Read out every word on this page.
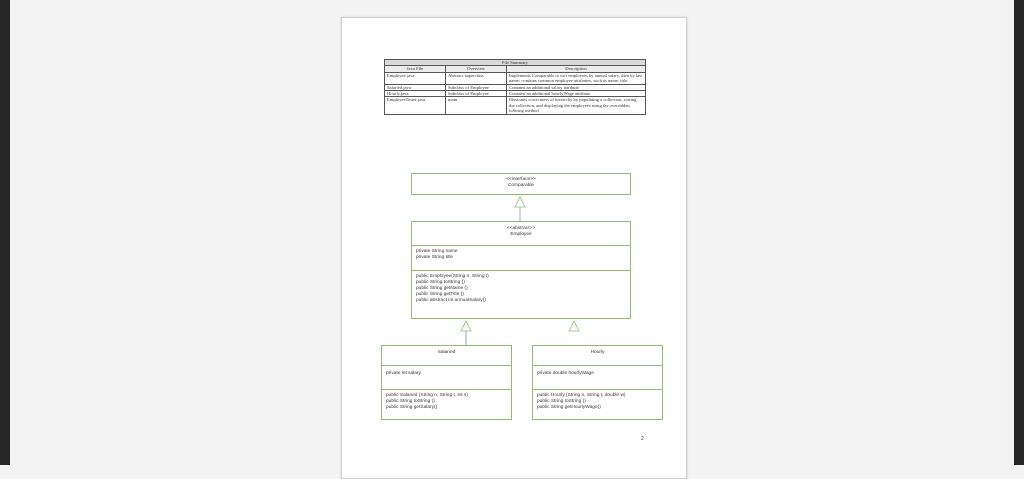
File Summary		
Java File	Overview	Description
Employee.java	Abstract superclass	Implements Comparable to sort employees by annual salary, then by last name; contains common employee attributes, such as name, title
Salaried.java	Subclass of Employee	Contains an additional salary attribute
Hourly.java	Subclass of Employee	Contains an additional hourlyWage attribute
EmployeeTester.java	main	Illustrates correctness of hierarchy by populating a collection, sorting the collection, and displaying the employees using the overridden toString method
<<interface>>
Comparable
<<abstract>>
Employee
private String name
private String title
public Employee(String n, String t)
public String toString ()
public String getName ()
public String getTitle ()
public abstract int annualSalary()
Salaried
private int salary
public Salaried (String n, String t, int s)
public String toString ()
public String getSalary()
Hourly
private double hourlyWage
public Hourly (String n, String t, double w)
public String toString ()
public String getHourlyWage()
2
